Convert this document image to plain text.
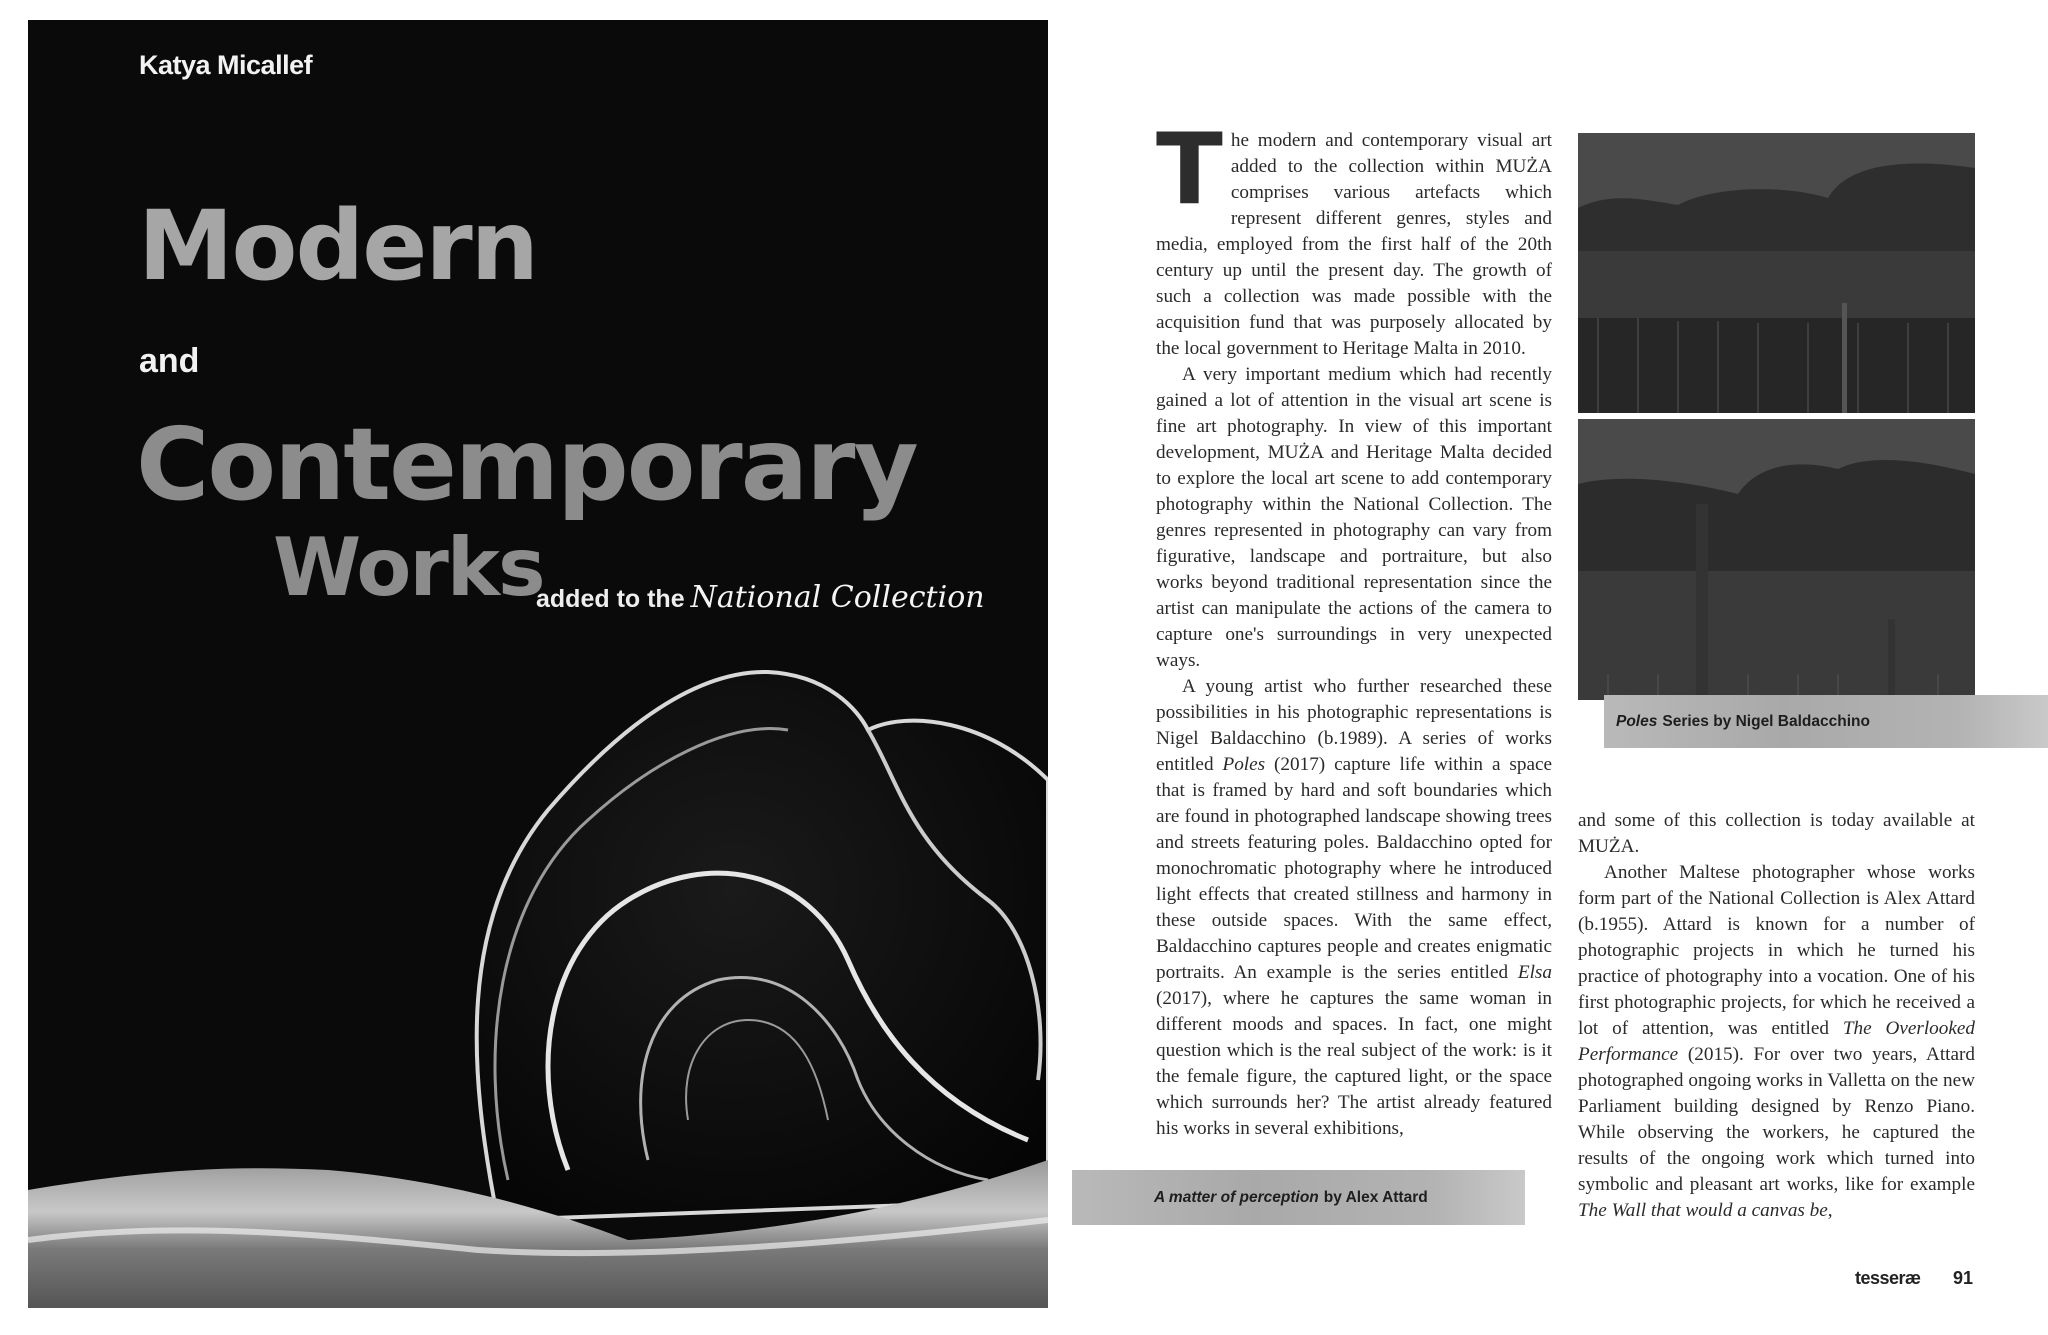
Katya Micallef
Modern
and
Contemporary
Works
added to the National Collection

The modern and contemporary visual art added to the collection within MUŻA comprises various artefacts which represent different genres, styles and media, employed from the first half of the 20th century up until the present day. The growth of such a collection was made possible with the acquisition fund that was purposely allocated by the local government to Heritage Malta in 2010.

A very important medium which had recently gained a lot of attention in the visual art scene is fine art photography. In view of this important development, MUŻA and Heritage Malta decided to explore the local art scene to add contemporary photography within the National Collection. The genres represented in photography can vary from figurative, landscape and portraiture, but also works beyond traditional representation since the artist can manipulate the actions of the camera to capture one's surroundings in very unexpected ways.

A young artist who further researched these possibilities in his photographic representations is Nigel Baldacchino (b.1989). A series of works entitled Poles (2017) capture life within a space that is framed by hard and soft boundaries which are found in photographed landscape showing trees and streets featuring poles. Baldacchino opted for monochromatic photography where he introduced light effects that created stillness and harmony in these outside spaces. With the same effect, Baldacchino captures people and creates enigmatic portraits. An example is the series entitled Elsa (2017), where he captures the same woman in different moods and spaces. In fact, one might question which is the real subject of the work: is it the female figure, the captured light, or the space which surrounds her? The artist already featured his works in several exhibitions,

Poles Series by Nigel Baldacchino

and some of this collection is today available at MUŻA.

Another Maltese photographer whose works form part of the National Collection is Alex Attard (b.1955). Attard is known for a number of photographic projects in which he turned his practice of photography into a vocation. One of his first photographic projects, for which he received a lot of attention, was entitled The Overlooked Performance (2015). For over two years, Attard photographed ongoing works in Valletta on the new Parliament building designed by Renzo Piano. While observing the workers, he captured the results of the ongoing work which turned into symbolic and pleasant art works, like for example The Wall that would a canvas be,

A matter of perception by Alex Attard
tesseræ 91
